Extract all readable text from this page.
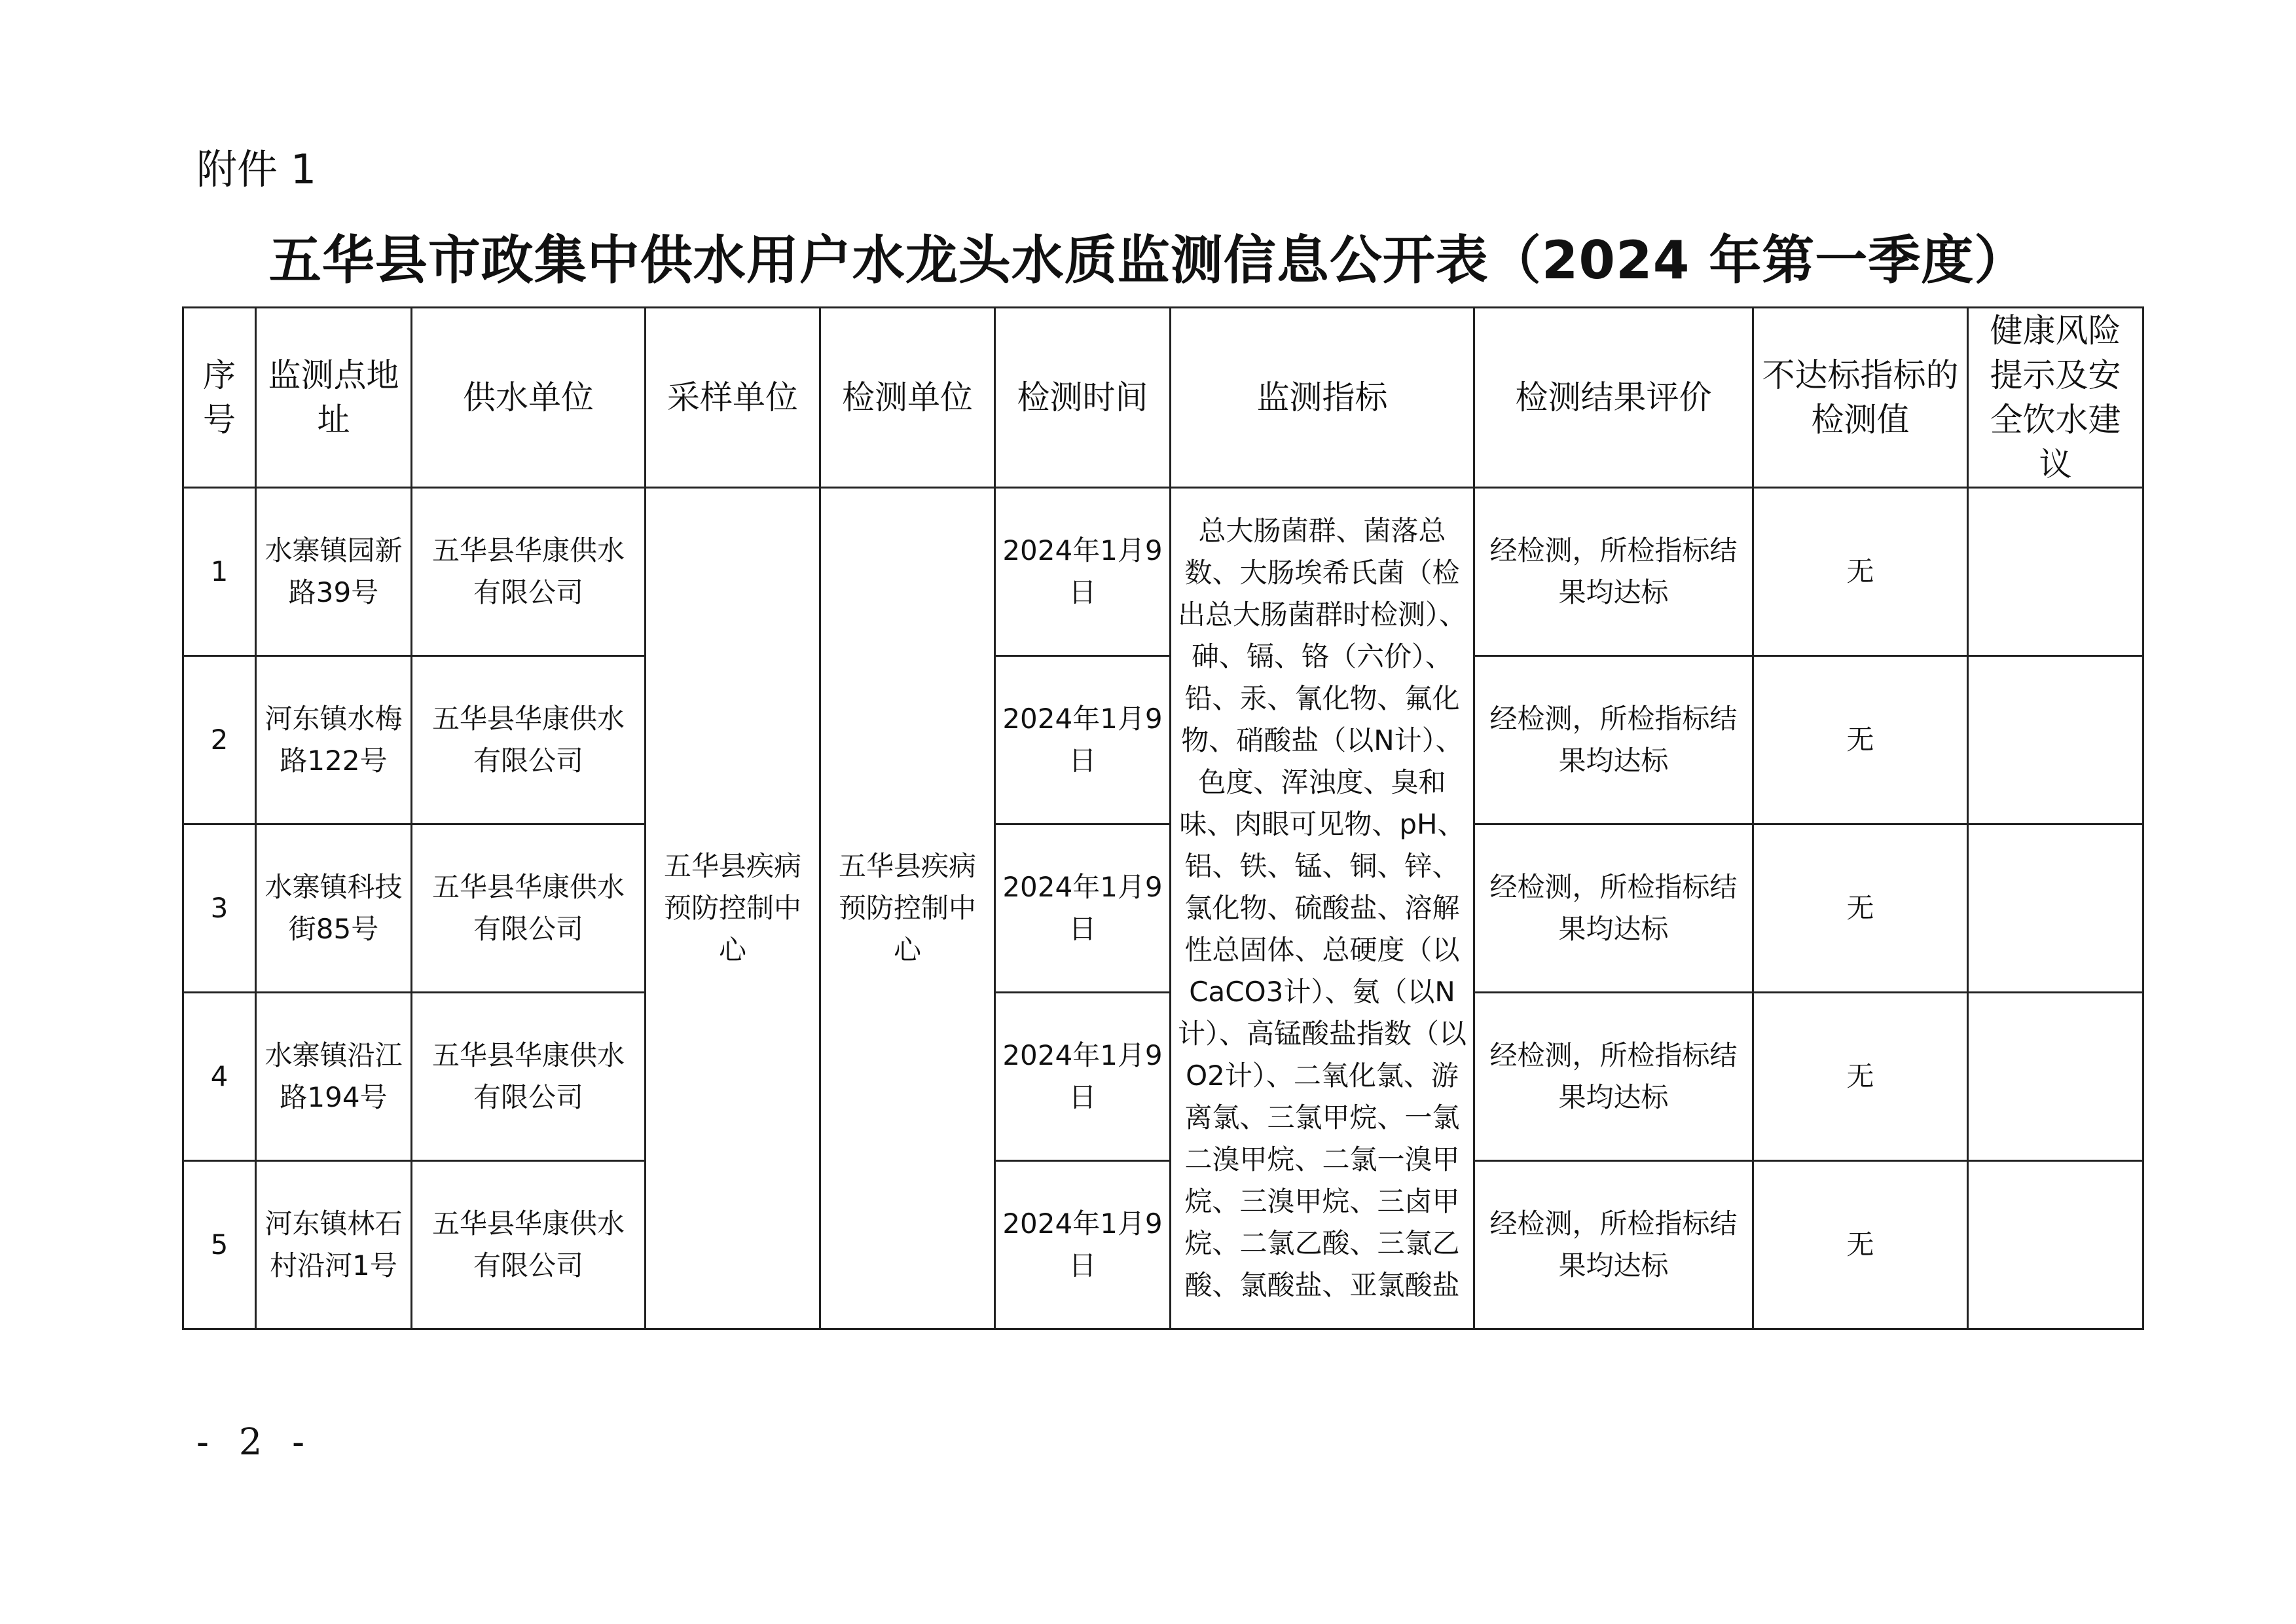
附件 1
五华县市政集中供水用户水龙头水质监测信息公开表（2024 年第一季度）
序号	监测点地址	供水单位	采样单位	检测单位	检测时间	监测指标	检测结果评价	不达标指标的检测值	健康风险提示及安全饮水建议
1	水寨镇园新路39号	五华县华康供水有限公司	五华县疾病预防控制中心	五华县疾病预防控制中心	2024年1月9日	总大肠菌群、菌落总数、大肠埃希氏菌（检出总大肠菌群时检测）、砷、镉、铬（六价）、铅、汞、氰化物、氟化物、硝酸盐（以N计）、色度、浑浊度、臭和味、肉眼可见物、pH、铝、铁、锰、铜、锌、氯化物、硫酸盐、溶解性总固体、总硬度（以CaCO3计）、氨（以N计）、高锰酸盐指数（以O2计）、二氧化氯、游离氯、三氯甲烷、一氯二溴甲烷、二氯一溴甲烷、三溴甲烷、三卤甲烷、二氯乙酸、三氯乙酸、氯酸盐、亚氯酸盐	经检测，所检指标结果均达标	无	
2	河东镇水梅路122号	五华县华康供水有限公司			2024年1月9日		经检测，所检指标结果均达标	无	
3	水寨镇科技街85号	五华县华康供水有限公司			2024年1月9日		经检测，所检指标结果均达标	无	
4	水寨镇沿江路194号	五华县华康供水有限公司			2024年1月9日		经检测，所检指标结果均达标	无	
5	河东镇林石村沿河1号	五华县华康供水有限公司			2024年1月9日		经检测，所检指标结果均达标	无	
- 2 -
